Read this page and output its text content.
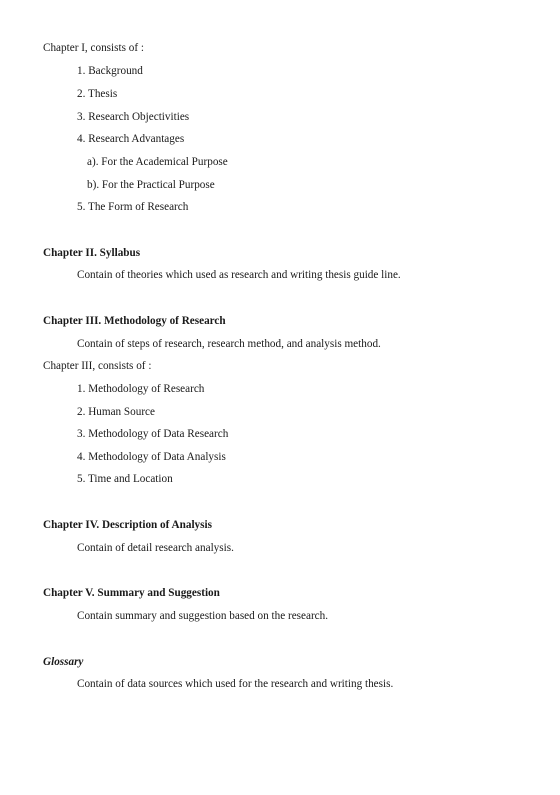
Chapter I, consists of :
1. Background
2. Thesis
3. Research Objectivities
4. Research Advantages
a). For the Academical Purpose
b). For the Practical Purpose
5. The Form of Research
Chapter II. Syllabus
Contain of theories which used as research and writing thesis guide line.
Chapter III. Methodology of Research
Contain of steps of research, research method, and analysis method.
Chapter III, consists of :
1. Methodology of Research
2. Human Source
3. Methodology of Data Research
4. Methodology of Data Analysis
5. Time and Location
Chapter IV. Description of Analysis
Contain of detail research analysis.
Chapter V. Summary and Suggestion
Contain summary and suggestion based on the research.
Glossary
Contain of data sources which used for the research and writing thesis.
